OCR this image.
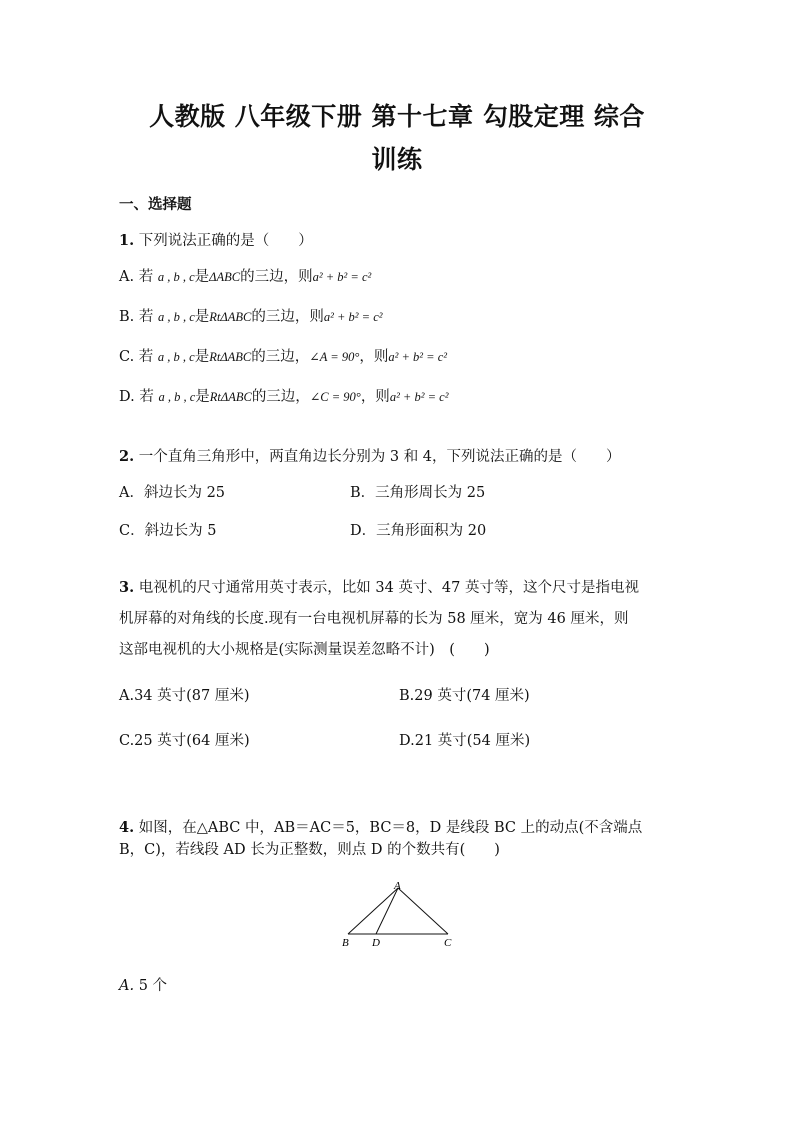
人教版 八年级下册 第十七章 勾股定理 综合
训练
一、选择题
1. 下列说法正确的是（　　）
A. 若 a , b , c是ΔABC的三边，则a² + b² = c²
B. 若 a , b , c是RtΔABC的三边，则a² + b² = c²
C. 若 a , b , c是RtΔABC的三边，∠A = 90°，则a² + b² = c²
D. 若 a , b , c是RtΔABC的三边，∠C = 90°，则a² + b² = c²
2. 一个直角三角形中，两直角边长分别为 3 和 4，下列说法正确的是（　　）
A．斜边长为 25	B．三角形周长为 25
C．斜边长为 5	D．三角形面积为 20
3. 电视机的尺寸通常用英寸表示，比如 34 英寸、47 英寸等，这个尺寸是指电视
机屏幕的对角线的长度.现有一台电视机屏幕的长为 58 厘米，宽为 46 厘米，则
这部电视机的大小规格是(实际测量误差忽略不计)　(　　)
A.34 英寸(87 厘米)	B.29 英寸(74 厘米)
C.25 英寸(64 厘米)	D.21 英寸(54 厘米)
4. 如图，在△ABC 中，AB＝AC＝5，BC＝8，D 是线段 BC 上的动点(不含端点
B，C)，若线段 AD 长为正整数，则点 D 的个数共有(　　)
A
B D	C
A. 5 个
